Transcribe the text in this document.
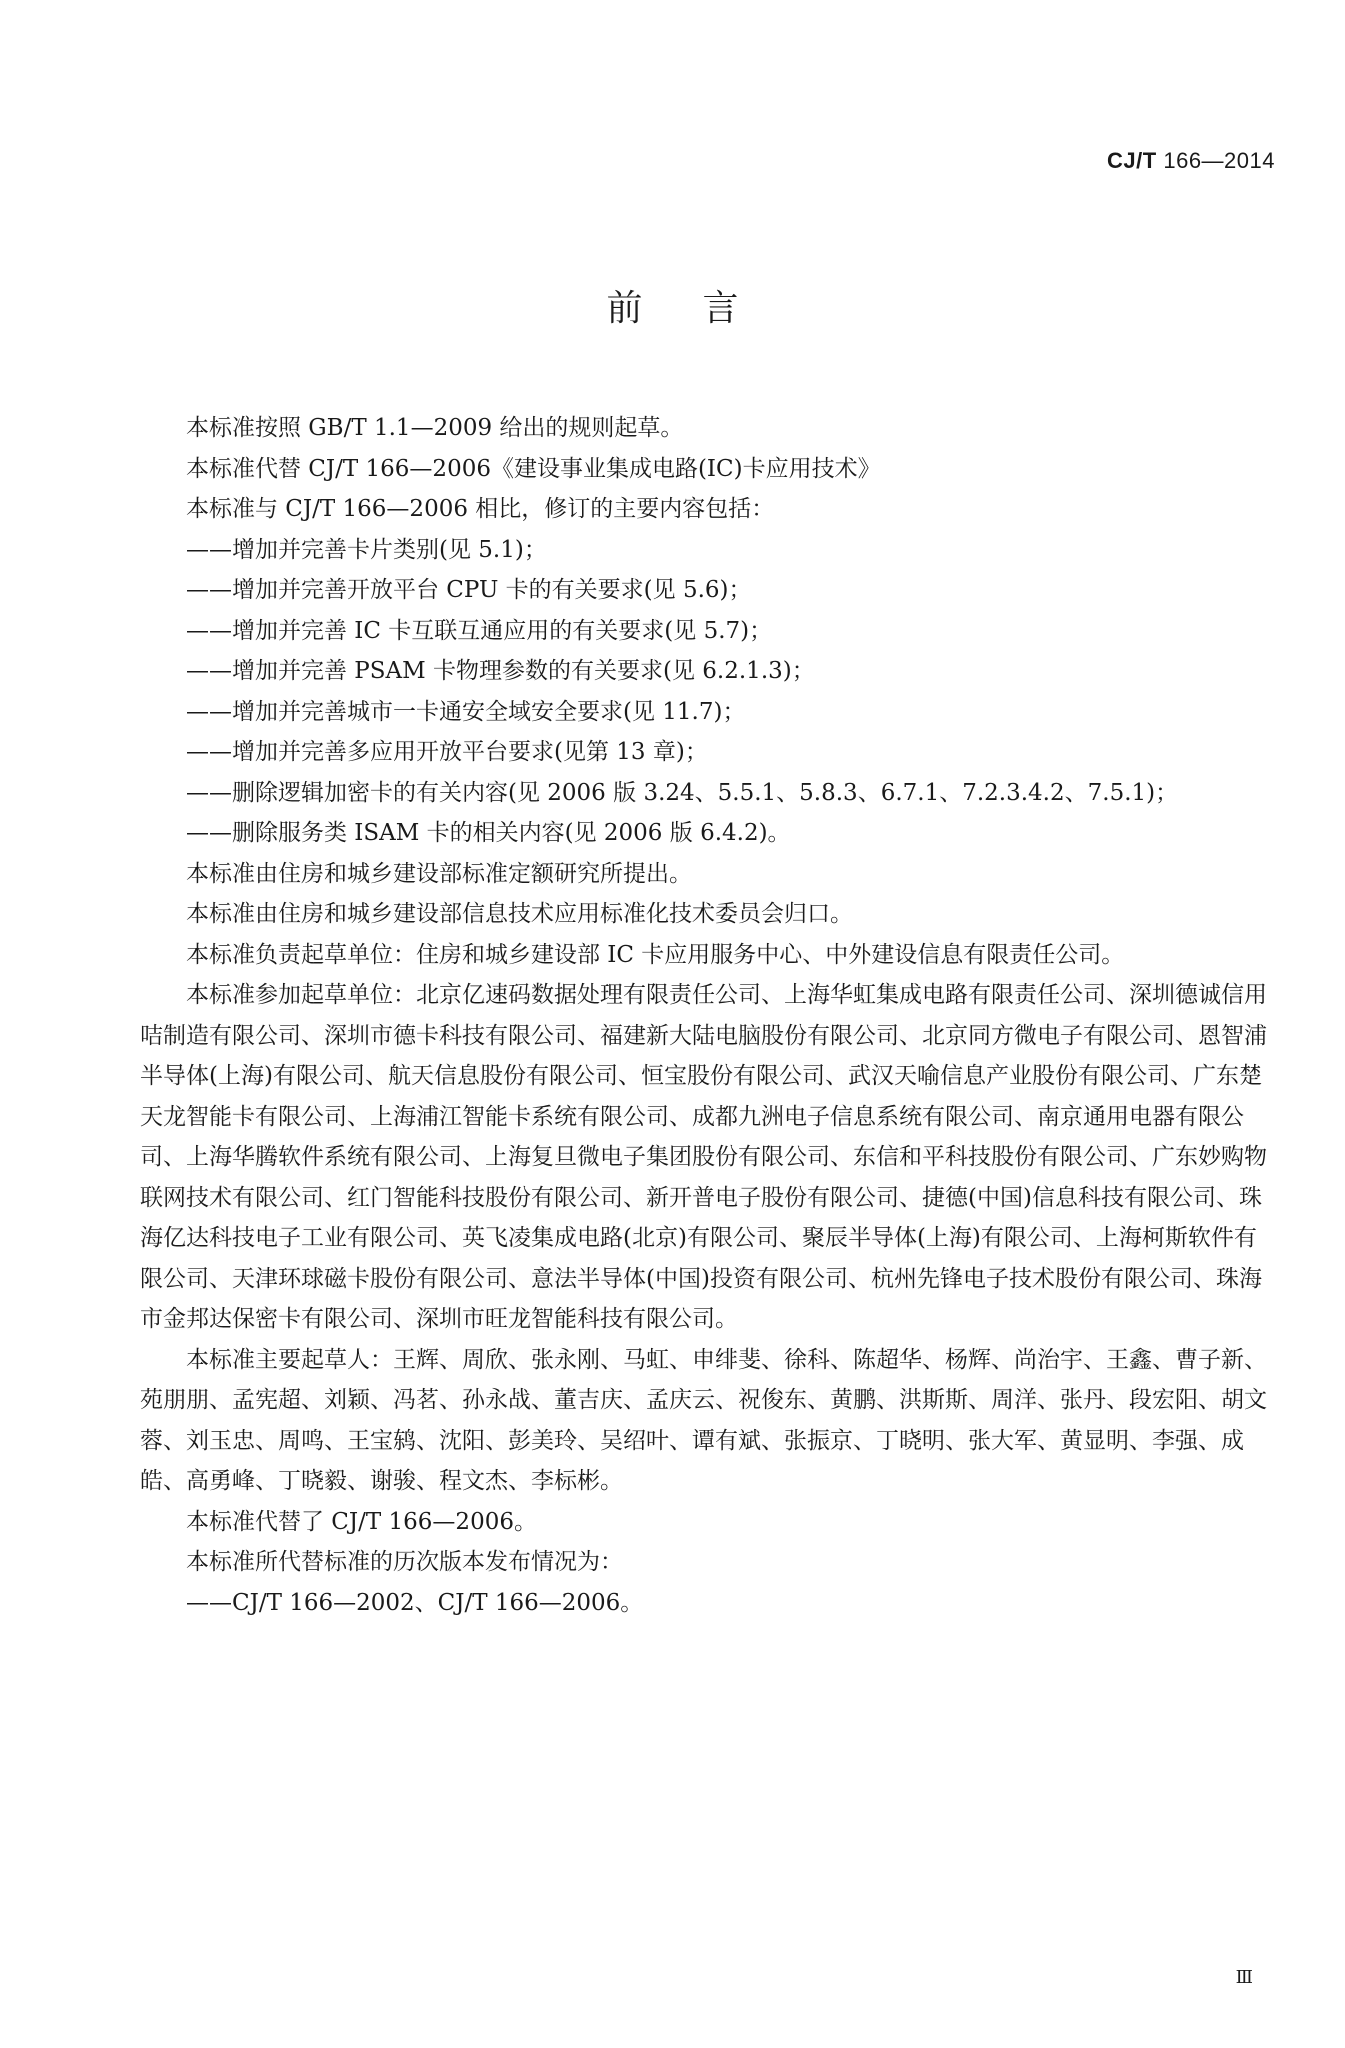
CJ/T 166—2014
前言

本标准按照 GB/T 1.1—2009 给出的规则起草。

本标准代替 CJ/T 166—2006《建设事业集成电路(IC)卡应用技术》

本标准与 CJ/T 166—2006 相比，修订的主要内容包括：

——增加并完善卡片类别(见 5.1)；

——增加并完善开放平台 CPU 卡的有关要求(见 5.6)；

——增加并完善 IC 卡互联互通应用的有关要求(见 5.7)；

——增加并完善 PSAM 卡物理参数的有关要求(见 6.2.1.3)；

——增加并完善城市一卡通安全域安全要求(见 11.7)；

——增加并完善多应用开放平台要求(见第 13 章)；

——删除逻辑加密卡的有关内容(见 2006 版 3.24、5.5.1、5.8.3、6.7.1、7.2.3.4.2、7.5.1)；

——删除服务类 ISAM 卡的相关内容(见 2006 版 6.4.2)。

本标准由住房和城乡建设部标准定额研究所提出。

本标准由住房和城乡建设部信息技术应用标准化技术委员会归口。

本标准负责起草单位：住房和城乡建设部 IC 卡应用服务中心、中外建设信息有限责任公司。

本标准参加起草单位：北京亿速码数据处理有限责任公司、上海华虹集成电路有限责任公司、深圳德诚信用咭制造有限公司、深圳市德卡科技有限公司、福建新大陆电脑股份有限公司、北京同方微电子有限公司、恩智浦半导体(上海)有限公司、航天信息股份有限公司、恒宝股份有限公司、武汉天喻信息产业股份有限公司、广东楚天龙智能卡有限公司、上海浦江智能卡系统有限公司、成都九洲电子信息系统有限公司、南京通用电器有限公司、上海华腾软件系统有限公司、上海复旦微电子集团股份有限公司、东信和平科技股份有限公司、广东妙购物联网技术有限公司、红门智能科技股份有限公司、新开普电子股份有限公司、捷德(中国)信息科技有限公司、珠海亿达科技电子工业有限公司、英飞凌集成电路(北京)有限公司、聚辰半导体(上海)有限公司、上海柯斯软件有限公司、天津环球磁卡股份有限公司、意法半导体(中国)投资有限公司、杭州先锋电子技术股份有限公司、珠海市金邦达保密卡有限公司、深圳市旺龙智能科技有限公司。

本标准主要起草人：王辉、周欣、张永刚、马虹、申绯斐、徐科、陈超华、杨辉、尚治宇、王鑫、曹子新、苑朋朋、孟宪超、刘颖、冯茗、孙永战、董吉庆、孟庆云、祝俊东、黄鹏、洪斯斯、周洋、张丹、段宏阳、胡文蓉、刘玉忠、周鸣、王宝鸫、沈阳、彭美玲、吴绍叶、谭有斌、张振京、丁晓明、张大军、黄显明、李强、成皓、高勇峰、丁晓毅、谢骏、程文杰、李标彬。

本标准代替了 CJ/T 166—2006。

本标准所代替标准的历次版本发布情况为：

——CJ/T 166—2002、CJ/T 166—2006。

Ⅲ
